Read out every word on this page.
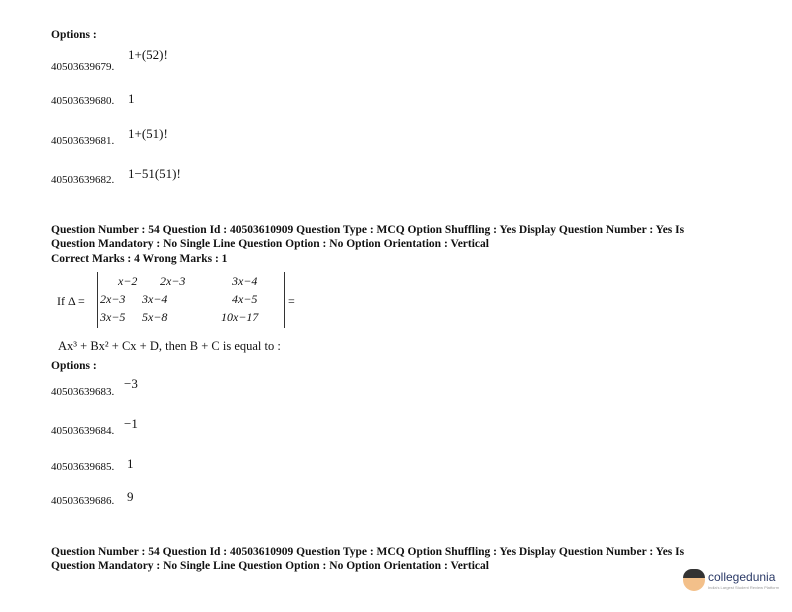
Options :
40503639679.
1+(52)!
40503639680. 1
40503639681. 1+(51)!
40503639682. 1−51(51)!
Question Number : 54 Question Id : 40503610909 Question Type : MCQ Option Shuffling : Yes Display Question Number : Yes Is
Question Mandatory : No Single Line Question Option : No Option Orientation : Vertical
Correct Marks : 4 Wrong Marks : 1
If Δ =
x−2 2x−3	3x−4
2x−3 3x−4	4x−5
3x−5 5x−8	10x−17
=
Ax³ + Bx² + Cx + D, then B + C is equal to :
Options :
40503639683.
−3
40503639684. −1
40503639685. 1
40503639686. 9
Question Number : 54 Question Id : 40503610909 Question Type : MCQ Option Shuffling : Yes Display Question Number : Yes Is
Question Mandatory : No Single Line Question Option : No Option Orientation : Vertical
collegedunia
India's Largest Student Review Platform
